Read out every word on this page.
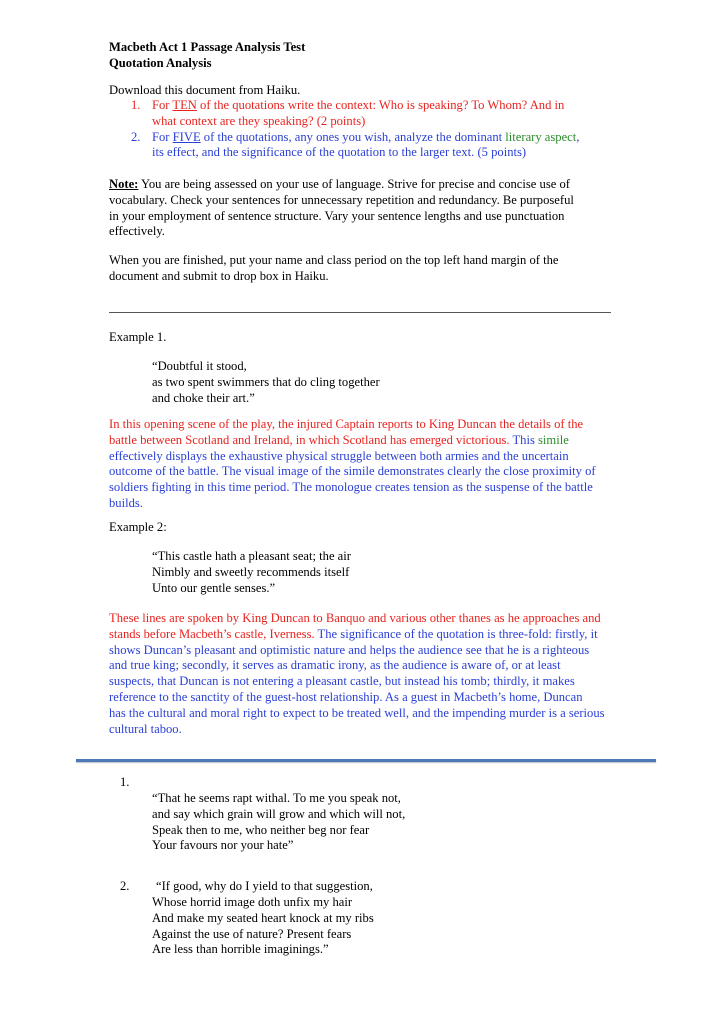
Macbeth Act 1 Passage Analysis Test
Quotation Analysis
Download this document from Haiku.
1. For TEN of the quotations write the context: Who is speaking? To Whom? And in
what context are they speaking? (2 points)
2. For FIVE of the quotations, any ones you wish, analyze the dominant literary aspect,
its effect, and the significance of the quotation to the larger text. (5 points)
Note: You are being assessed on your use of language. Strive for precise and concise use of
vocabulary. Check your sentences for unnecessary repetition and redundancy. Be purposeful
in your employment of sentence structure. Vary your sentence lengths and use punctuation
effectively.
When you are finished, put your name and class period on the top left hand margin of the
document and submit to drop box in Haiku.
Example 1.
“Doubtful it stood,
as two spent swimmers that do cling together
and choke their art.”
In this opening scene of the play, the injured Captain reports to King Duncan the details of the
battle between Scotland and Ireland, in which Scotland has emerged victorious. This simile
effectively displays the exhaustive physical struggle between both armies and the uncertain
outcome of the battle. The visual image of the simile demonstrates clearly the close proximity of
soldiers fighting in this time period. The monologue creates tension as the suspense of the battle
builds.
Example 2:
“This castle hath a pleasant seat; the air
Nimbly and sweetly recommends itself
Unto our gentle senses.”
These lines are spoken by King Duncan to Banquo and various other thanes as he approaches and
stands before Macbeth’s castle, Iverness. The significance of the quotation is three-fold: firstly, it
shows Duncan’s pleasant and optimistic nature and helps the audience see that he is a righteous
and true king; secondly, it serves as dramatic irony, as the audience is aware of, or at least
suspects, that Duncan is not entering a pleasant castle, but instead his tomb; thirdly, it makes
reference to the sanctity of the guest-host relationship. As a guest in Macbeth’s home, Duncan
has the cultural and moral right to expect to be treated well, and the impending murder is a serious
cultural taboo.
1.
“That he seems rapt withal. To me you speak not,
and say which grain will grow and which will not,
Speak then to me, who neither beg nor fear
Your favours nor your hate”
2. “If good, why do I yield to that suggestion,
Whose horrid image doth unfix my hair
And make my seated heart knock at my ribs
Against the use of nature? Present fears
Are less than horrible imaginings.”
